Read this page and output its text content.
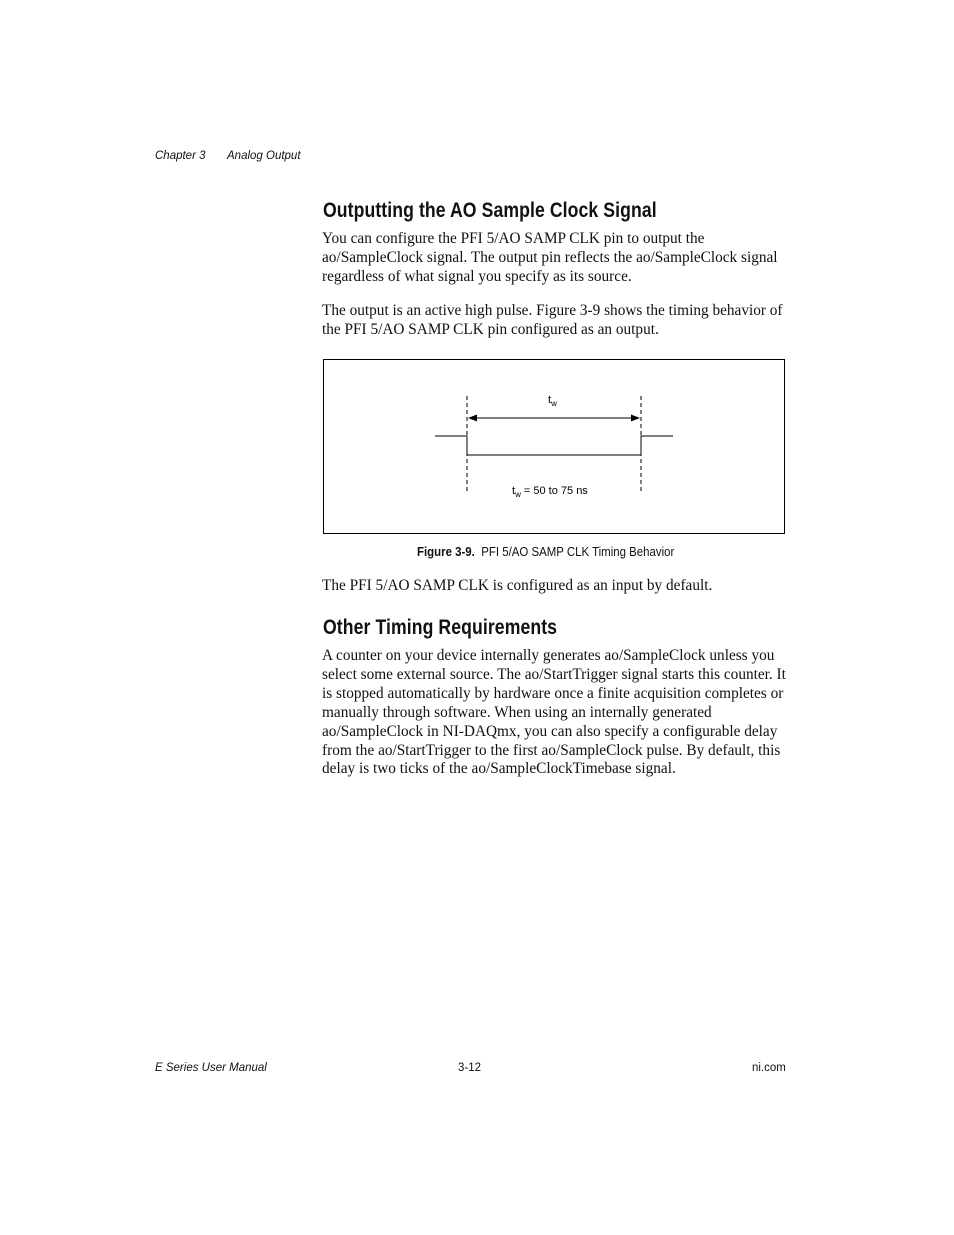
Chapter 3 Analog Output
Outputting the AO Sample Clock Signal

You can configure the PFI 5/AO SAMP CLK pin to output the ao/SampleClock signal. The output pin reflects the ao/SampleClock signal regardless of what signal you specify as its source.

The output is an active high pulse. Figure 3-9 shows the timing behavior of the PFI 5/AO SAMP CLK pin configured as an output.

$t_w$
$t_w = 50$ to 75 ns
Figure 3-9. PFI 5/AO SAMP CLK Timing Behavior

The PFI 5/AO SAMP CLK is configured as an input by default.

Other Timing Requirements

A counter on your device internally generates ao/SampleClock unless you select some external source. The ao/StartTrigger signal starts this counter. It is stopped automatically by hardware once a finite acquisition completes or manually through software. When using an internally generated ao/SampleClock in NI-DAQmx, you can also specify a configurable delay from the ao/StartTrigger to the first ao/SampleClock pulse. By default, this delay is two ticks of the ao/SampleClockTimebase signal.

E Series User Manual	3-12	ni.com
